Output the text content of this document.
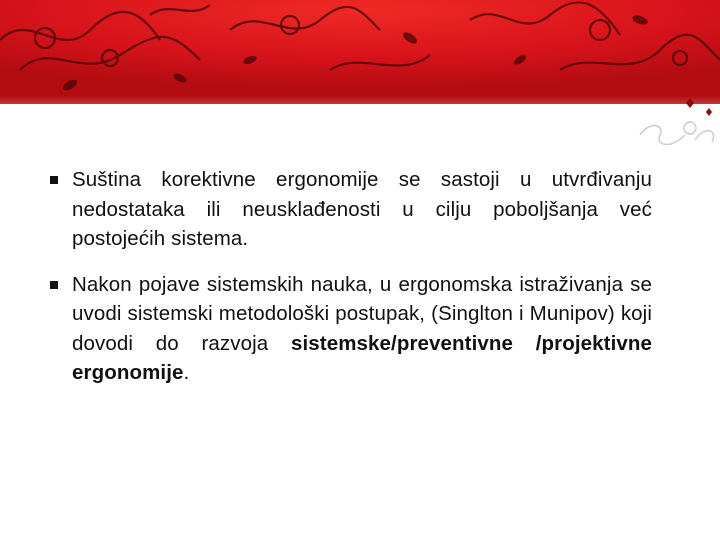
Suština korektivne ergonomije se sastoji u utvrđivanju nedostataka ili neusklađenosti u cilju poboljšanja već postojećih sistema.
Nakon pojave sistemskih nauka, u ergonomska istraživanja se uvodi sistemski metodološki postupak, (Singlton i Munipov) koji dovodi do razvoja sistemske/preventivne /projektivne ergonomije.
